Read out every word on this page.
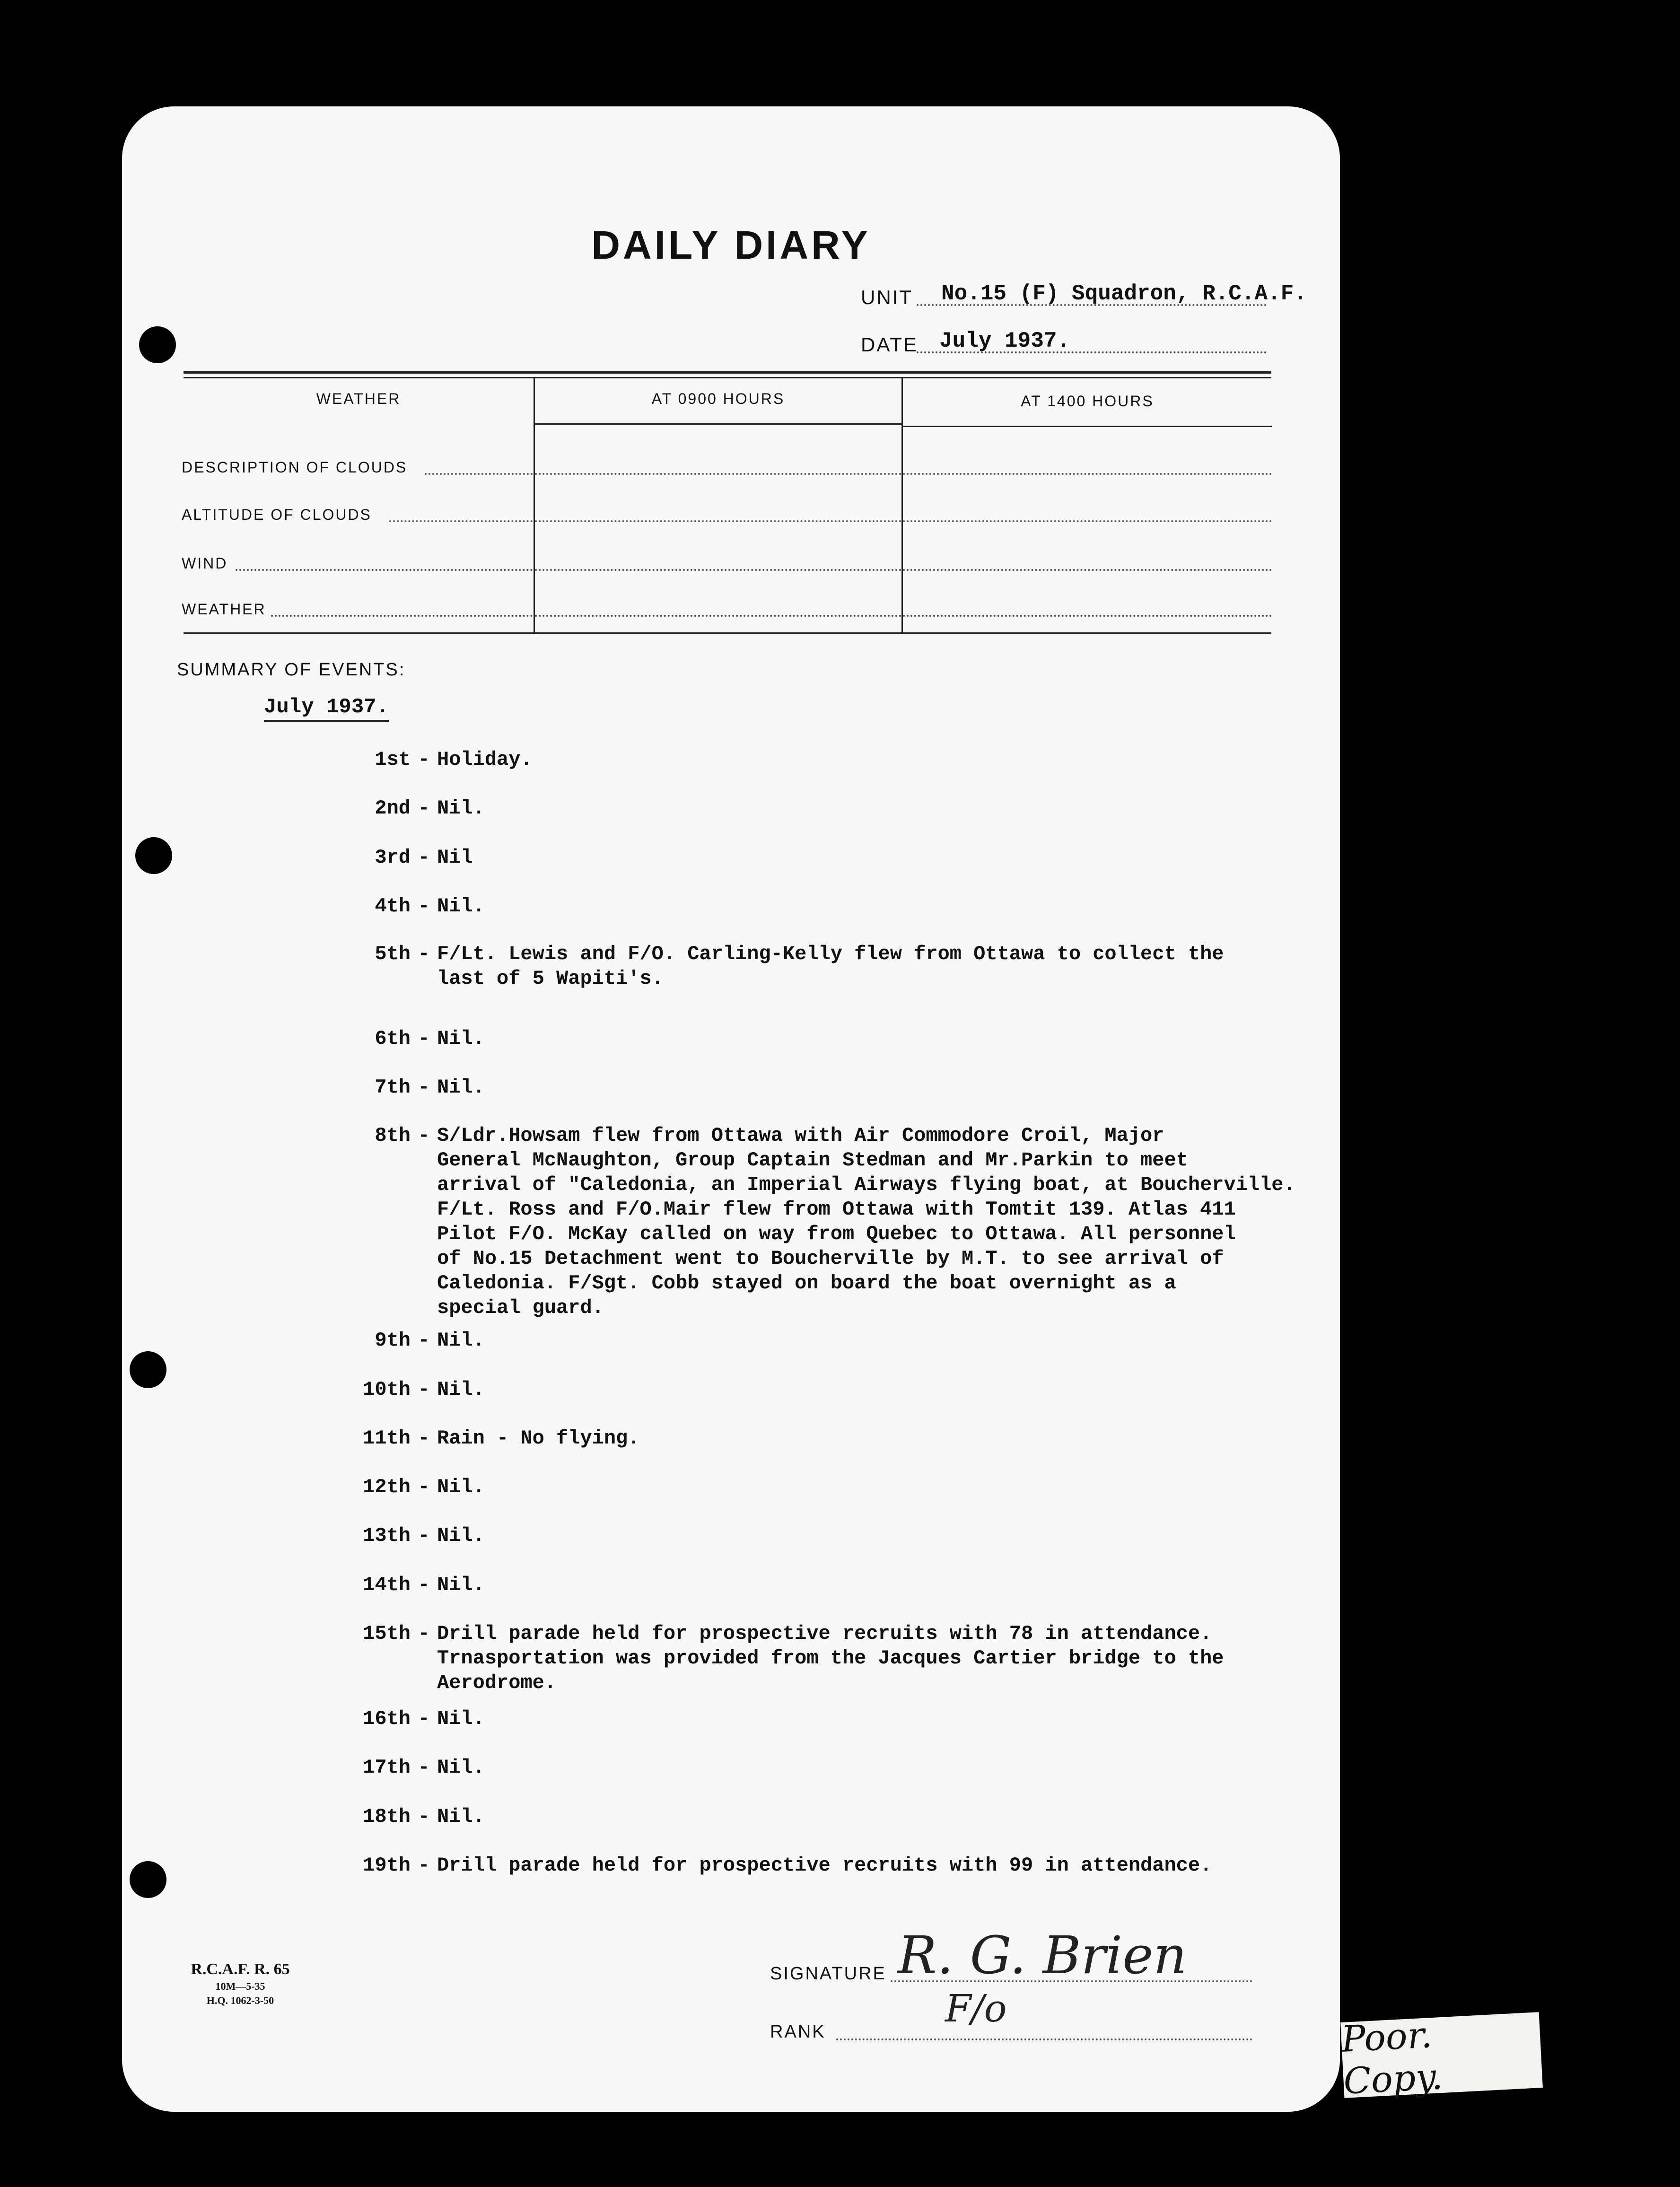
DAILY DIARY
UNIT No.15 (F) Squadron, R.C.A.F.
DATE July 1937.
WEATHER	AT 0900 HOURS	AT 1400 HOURS
DESCRIPTION OF CLOUDS
ALTITUDE OF CLOUDS
WIND
WEATHER
SUMMARY OF EVENTS:
July 1937.
1st - Holiday.
2nd - Nil.
3rd - Nil
4th - Nil.
5th - F/Lt. Lewis and F/O. Carling-Kelly flew from Ottawa to collect the
last of 5 Wapiti's.
6th - Nil.
7th - Nil.
8th - S/Ldr.Howsam flew from Ottawa with Air Commodore Croil, Major
General McNaughton, Group Captain Stedman and Mr.Parkin to meet
arrival of "Caledonia, an Imperial Airways flying boat, at Boucherville.
F/Lt. Ross and F/O.Mair flew from Ottawa with Tomtit 139. Atlas 411
Pilot F/O. McKay called on way from Quebec to Ottawa. All personnel
of No.15 Detachment went to Boucherville by M.T. to see arrival of
Caledonia. F/Sgt. Cobb stayed on board the boat overnight as a
special guard.
9th - Nil.
10th - Nil.
11th - Rain - No flying.
12th - Nil.
13th - Nil.
14th - Nil.
15th - Drill parade held for prospective recruits with 78 in attendance.
Trnasportation was provided from the Jacques Cartier bridge to the
Aerodrome.
16th - Nil.
17th - Nil.
18th - Nil.
19th - Drill parade held for prospective recruits with 99 in attendance.
R.C.A.F. R. 65
10M—5-35
H.Q. 1062-3-50
SIGNATURE R. G. Brien
RANK
F/o
Poor. Copy.
